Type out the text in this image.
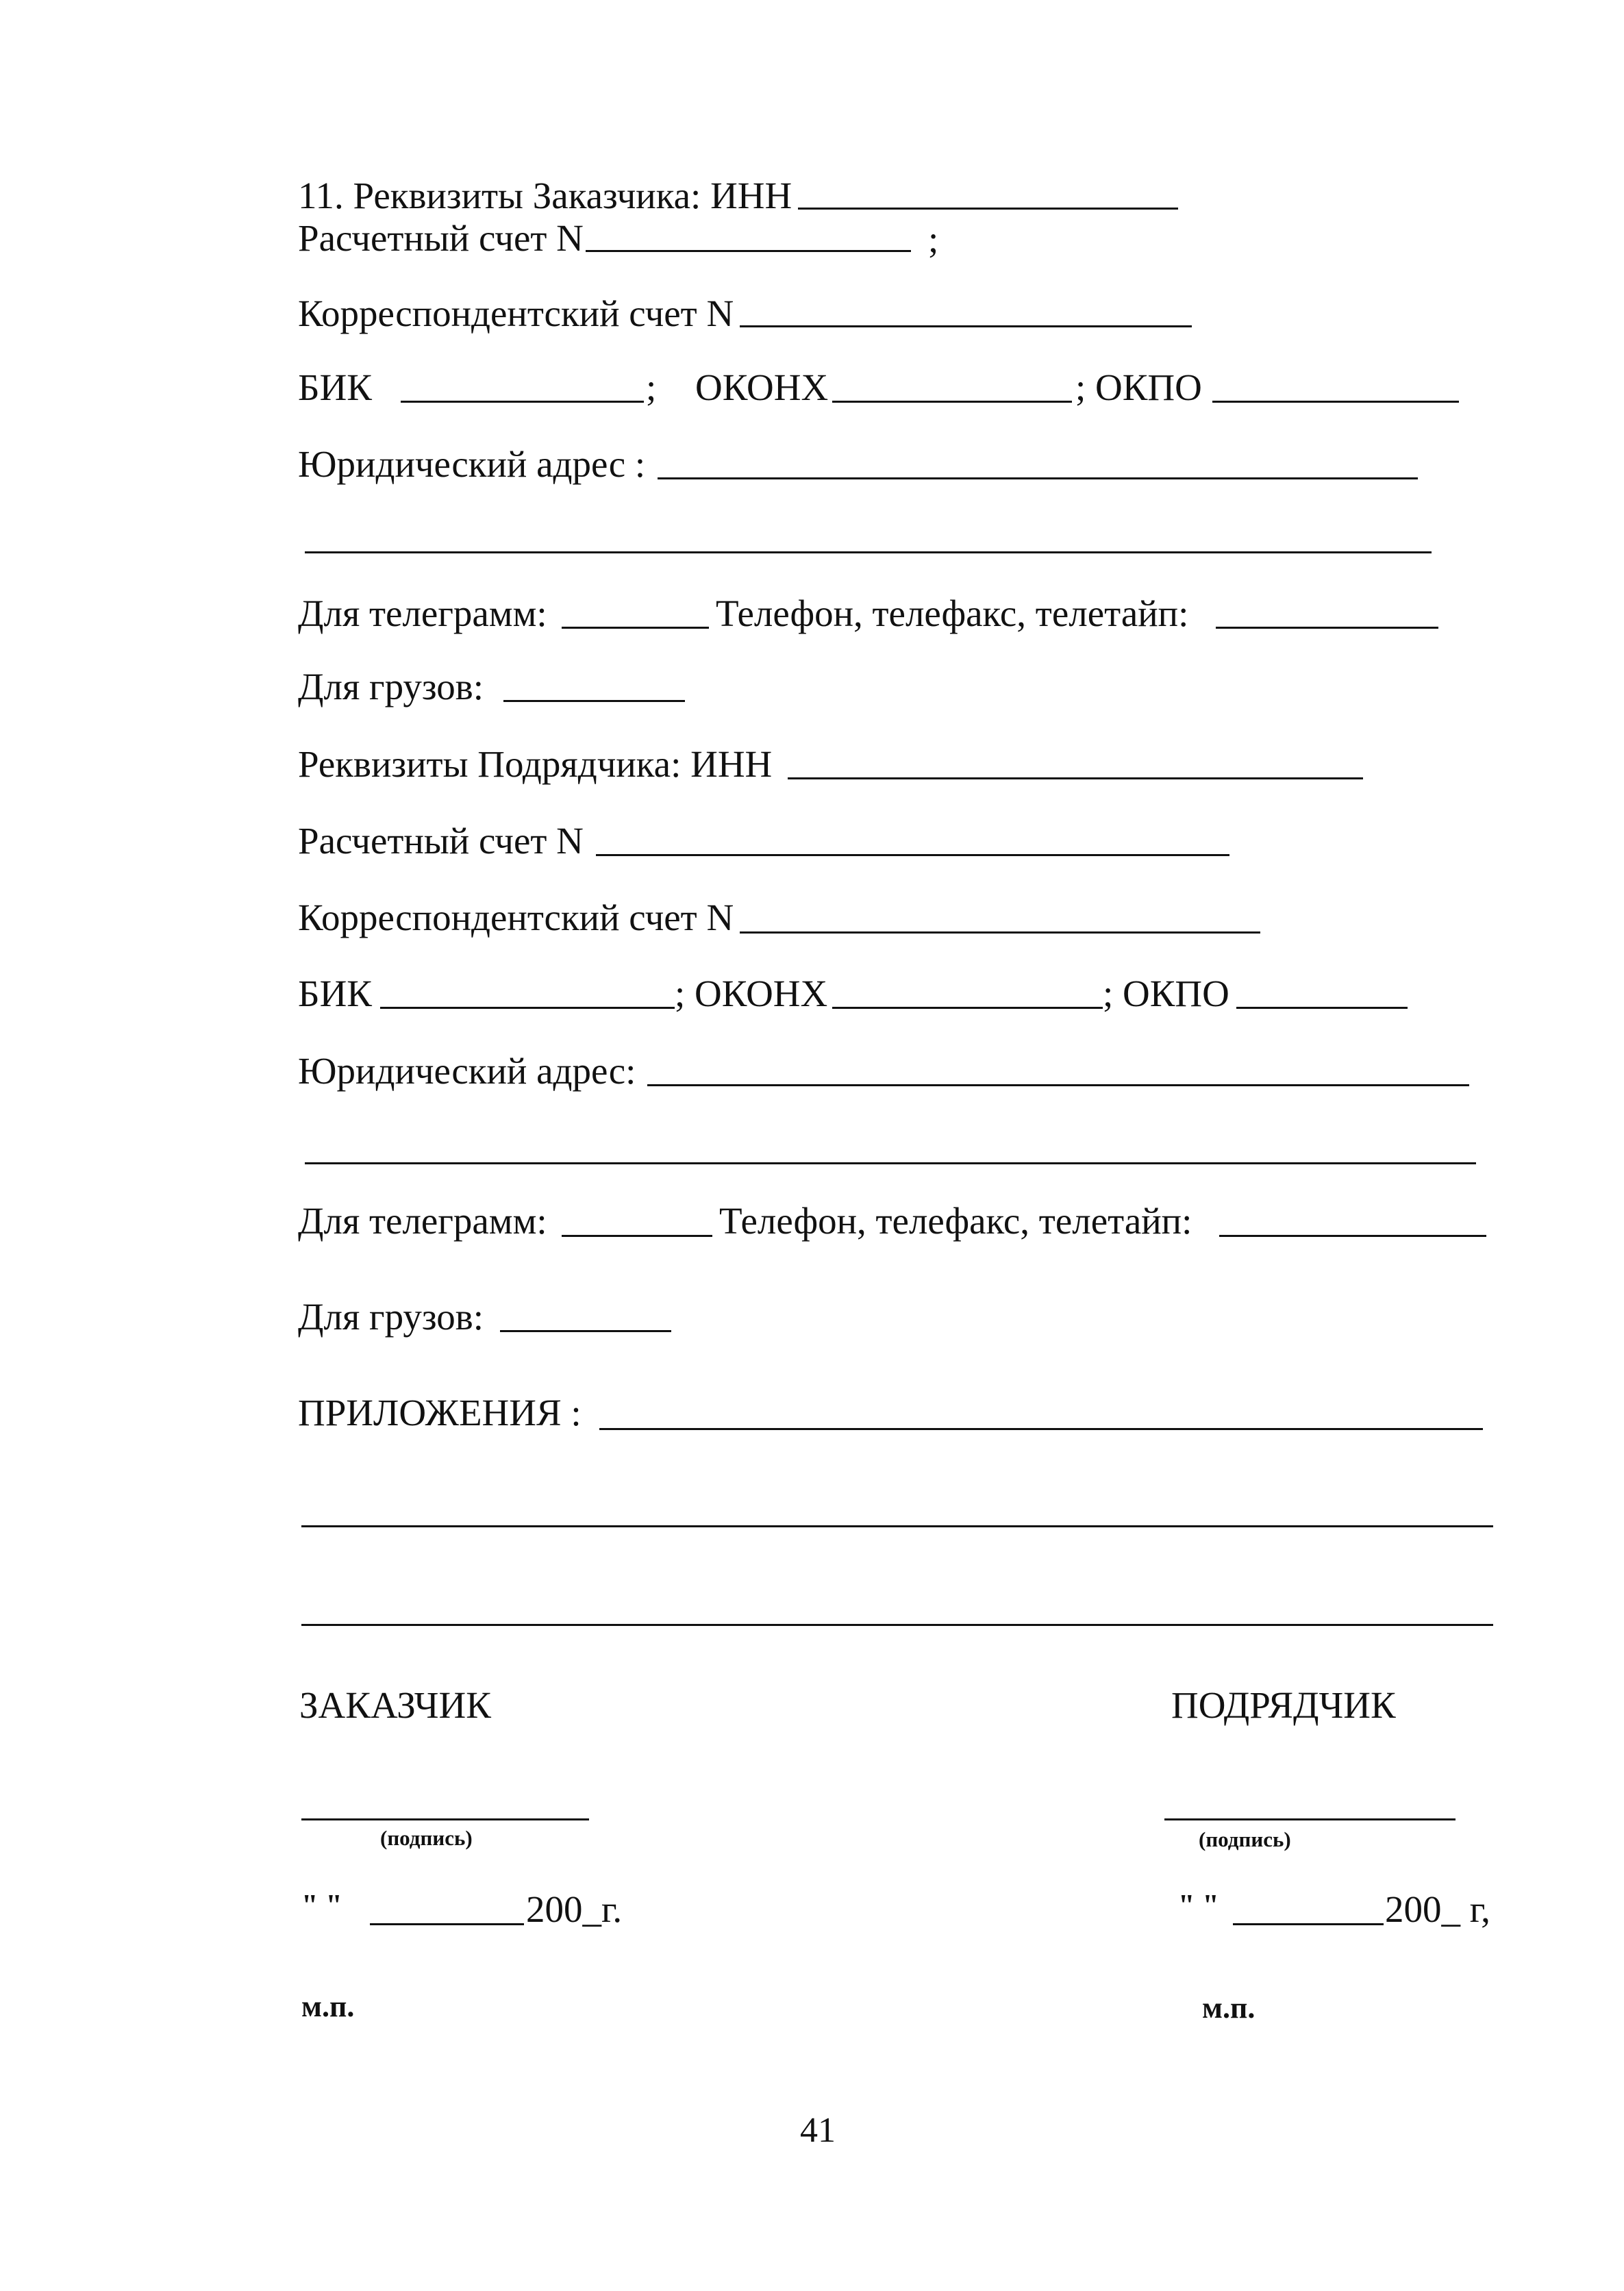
11. Реквизиты Заказчика: ИНН
Расчетный счет N	;
Корреспондентский счет N
БИК	; ОКОНХ	; ОКПО
Юридический адрес :
Для телеграмм:	Телефон, телефакс, телетайп:
Для грузов:
Реквизиты Подрядчика: ИНН
Расчетный счет N
Корреспондентский счет N
БИК	; ОКОНХ	; ОКПО
Юридический адрес:
Для телеграмм:	Телефон, телефакс, телетайп:
Для грузов:
ПРИЛОЖЕНИЯ :
ЗАКАЗЧИК	ПОДРЯДЧИК
(подпись)	(подпись)
" "	200_г.	" "	200_ г,
м.п.	м.п.
41
